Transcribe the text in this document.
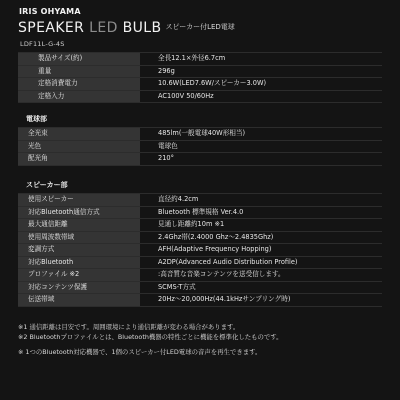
IRIS OHYAMA
SPEAKER LED BULB スピーカー付LED電球
LDF11L-G-4S
製品サイズ(約)	全長12.1×外径6.7cm
重量	296g
定格消費電力	10.6W(LED7.6W/スピーカー3.0W)
定格入力	AC100V 50/60Hz
電球部
全光束	485lm(一般電球40W形相当)
光色	電球色
配光角	210°
スピーカー部
使用スピーカー	直径約4.2cm
対応Bluetooth通信方式	Bluetooth 標準規格 Ver.4.0
最大通信距離	見通し距離約10m ※1
使用周波数帯域	2.4Ghz帯(2.4000 Ghz～2.4835Ghz)
変調方式	AFH(Adaptive Frequency Hopping)
対応Bluetooth	A2DP(Advanced Audio Distribution Profile)
プロファイル ※2	:高音質な音楽コンテンツを送受信します。
対応コンテンツ保護	SCMS-T方式
伝送帯域	20Hz～20,000Hz(44.1kHzサンプリング時)
※1 通信距離は目安です。周囲環境により通信距離が変わる場合があります。
※2 Bluetoothプロファイルとは、Bluetooth機器の特性ごとに機能を標準化したものです。
※ 1つのBluetooth対応機器で、1個のスピーカー付LED電球の音声を再生できます。
